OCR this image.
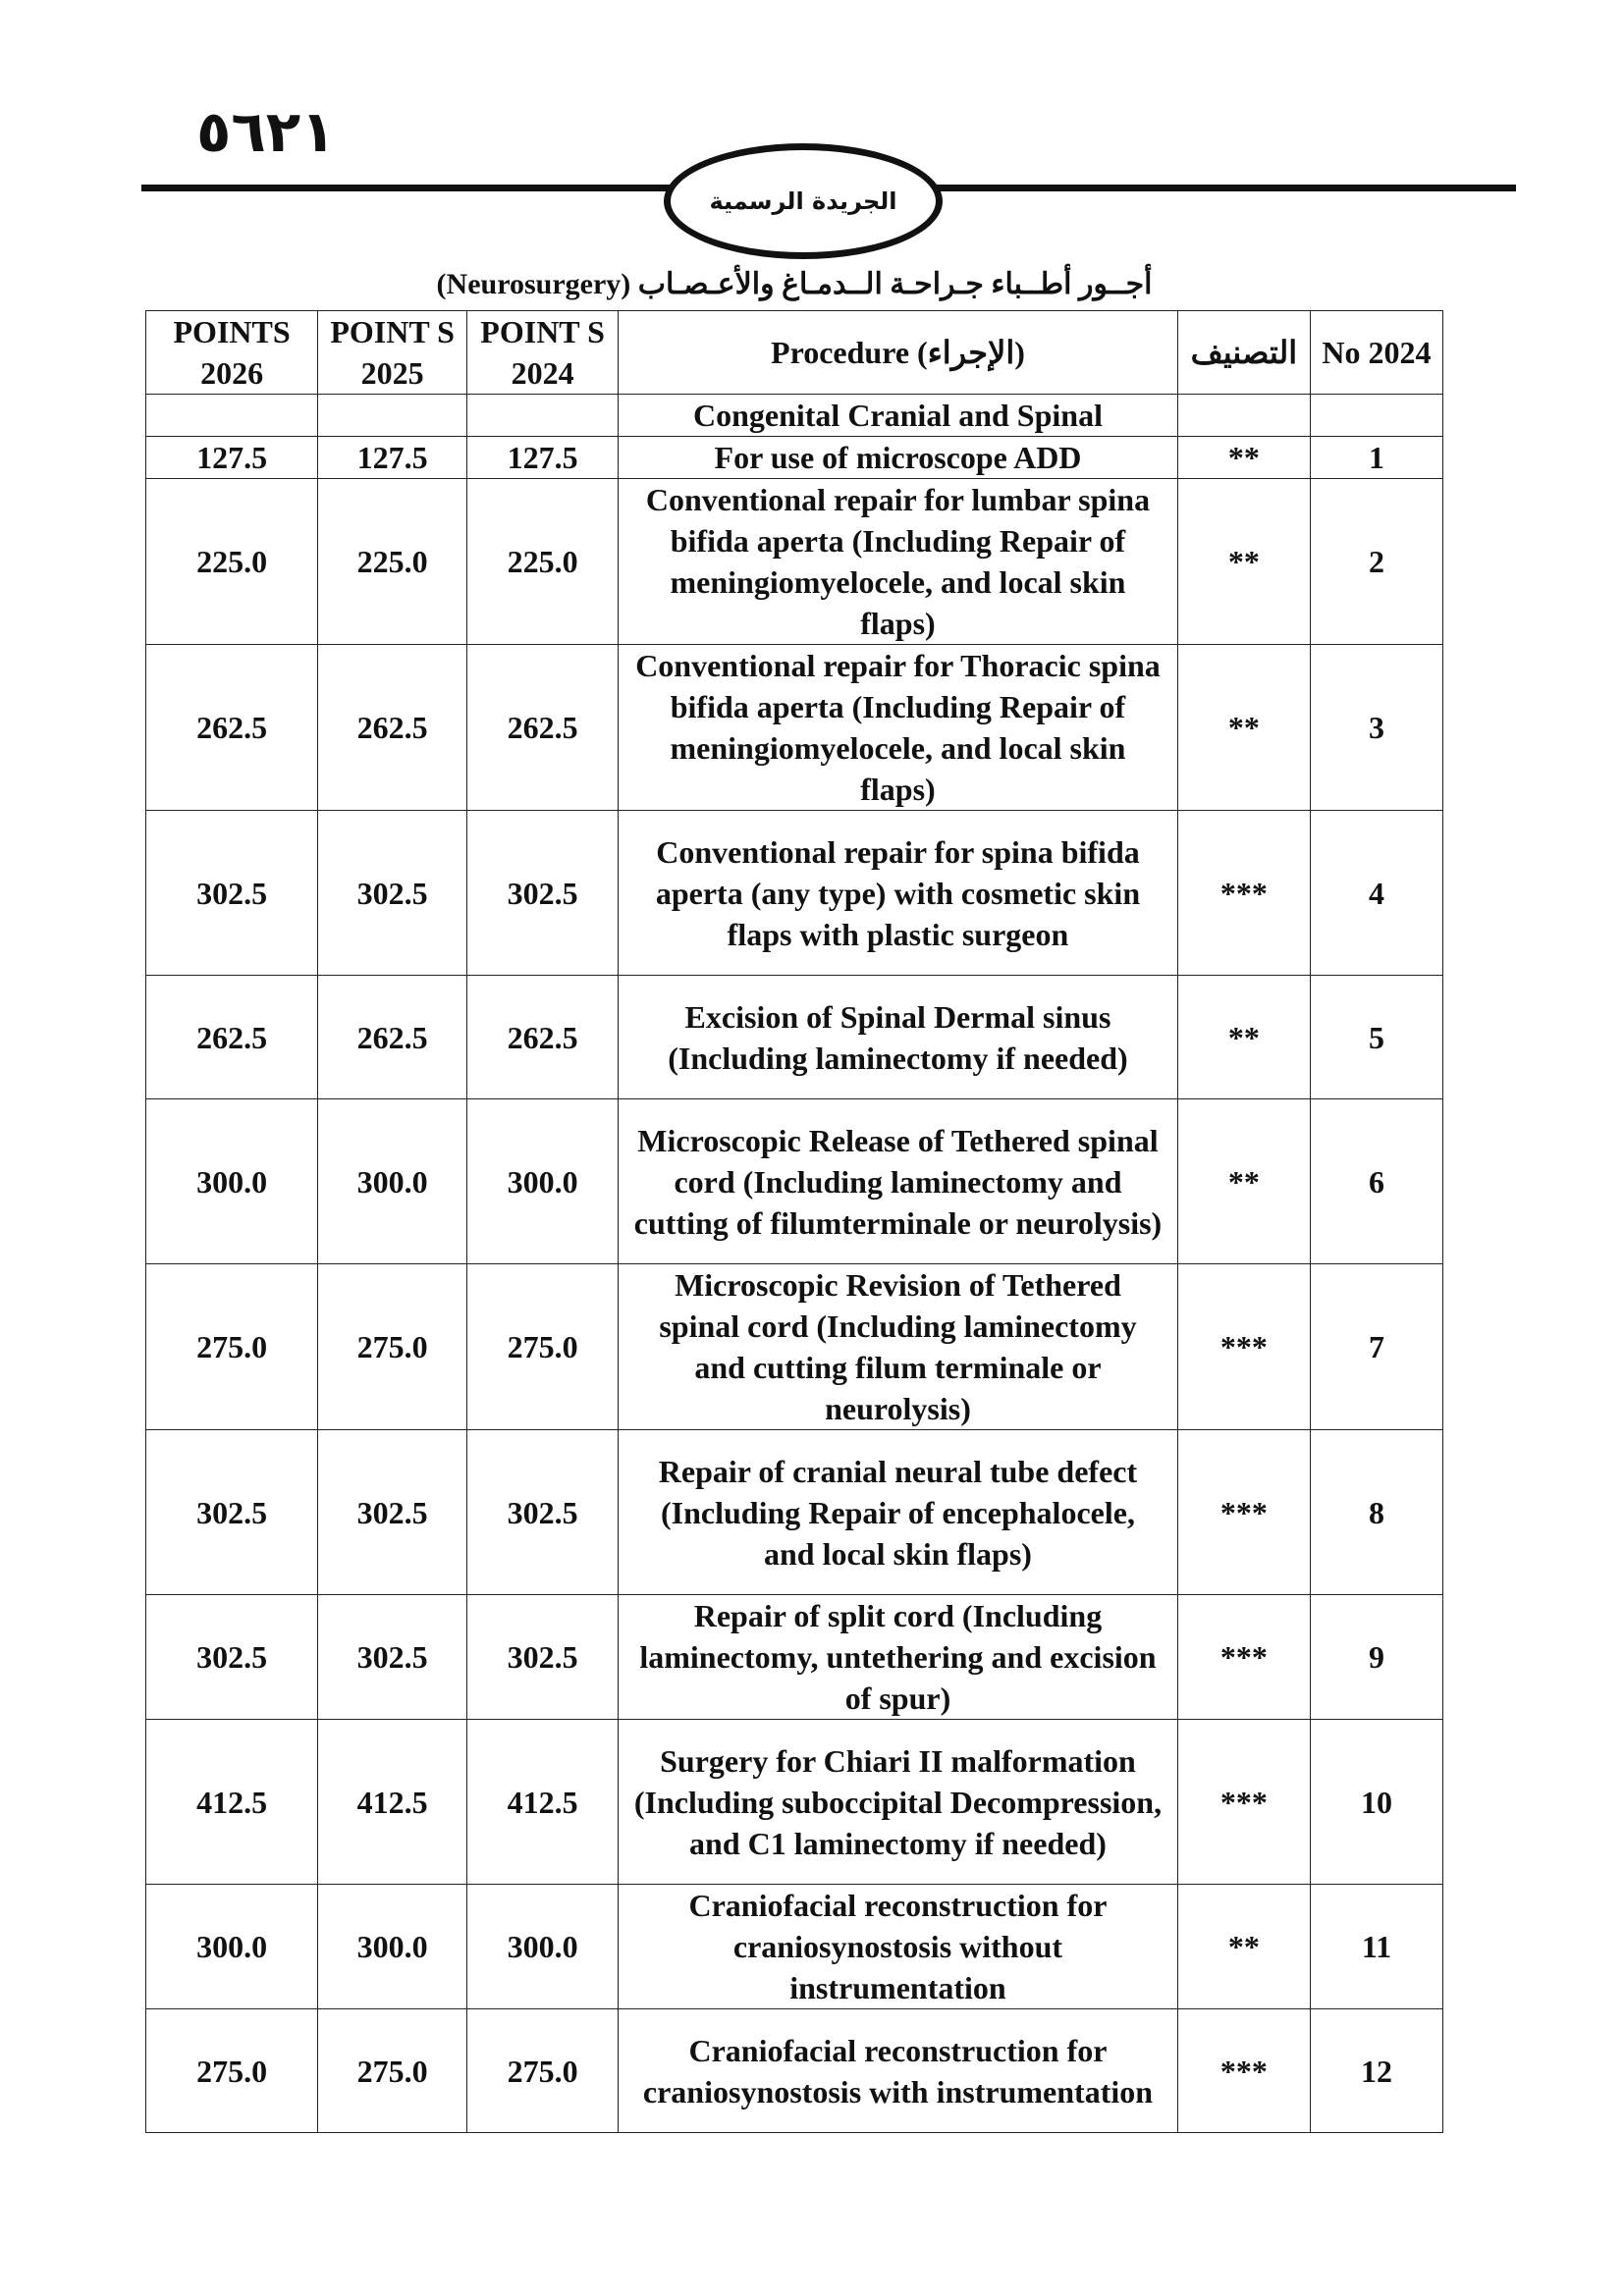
٥٦٢١
الجريدة الرسمية
أجــور أطــباء جـراحـة الــدمـاغ والأعـصـاب (Neurosurgery)
POINTS 2026	POINT S 2025	POINT S 2024	Procedure (الإجراء)	التصنيف	No 2024
			Congenital Cranial and Spinal		
127.5	127.5	127.5	For use of microscope ADD	**	1
225.0	225.0	225.0	Conventional repair for lumbar spina bifida aperta (Including Repair of meningiomyelocele, and local skin flaps)	**	2
262.5	262.5	262.5	Conventional repair for Thoracic spina bifida aperta (Including Repair of meningiomyelocele, and local skin flaps)	**	3
302.5	302.5	302.5	Conventional repair for spina bifida aperta (any type) with cosmetic skin flaps with plastic surgeon	***	4
262.5	262.5	262.5	Excision of Spinal Dermal sinus (Including laminectomy if needed)	**	5
300.0	300.0	300.0	Microscopic Release of Tethered spinal cord (Including laminectomy and cutting of filumterminale or neurolysis)	**	6
275.0	275.0	275.0	Microscopic Revision of Tethered spinal cord (Including laminectomy and cutting filum terminale or neurolysis)	***	7
302.5	302.5	302.5	Repair of cranial neural tube defect (Including Repair of encephalocele, and local skin flaps)	***	8
302.5	302.5	302.5	Repair of split cord (Including laminectomy, untethering and excision of spur)	***	9
412.5	412.5	412.5	Surgery for Chiari II malformation (Including suboccipital Decompression, and C1 laminectomy if needed)	***	10
300.0	300.0	300.0	Craniofacial reconstruction for craniosynostosis without instrumentation	**	11
275.0	275.0	275.0	Craniofacial reconstruction for craniosynostosis with instrumentation	***	12
